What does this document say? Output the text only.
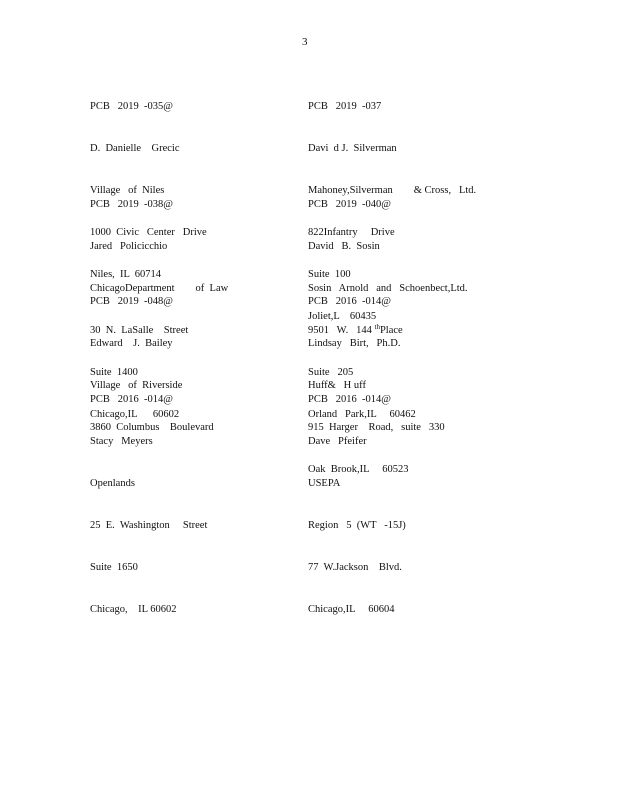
3

PCB   2019  -035@

D.  Danielle    Grecic

Village   of  Niles

1000  Civic   Center   Drive

Niles,  IL  60714

PCB   2019  -037

Davi  d J.  Silverman

Mahoney,Silverman        & Cross,   Ltd.

822Infantry     Drive

Suite  100

Joliet,L    60435

PCB   2019  -038@

Jared   Policicchio

ChicagoDepartment        of  Law

30  N.  LaSalle    Street

Suite  1400

Chicago,IL      60602

PCB   2019  -040@

David   B.  Sosin

Sosin   Arnold   and   Schoenbect,Ltd.

9501   W.   144 $^{th}$Place

Suite   205

Orland   Park,IL     60462

PCB   2019  -048@

Edward    J.  Bailey

Village   of  Riverside

3860  Columbus    Boulevard

PCB   2016  -014@

Lindsay   Birt,   Ph.D.

Huff&   H uff

915  Harger    Road,   suite   330

Oak  Brook,IL     60523

PCB   2016  -014@

Stacy   Meyers

Openlands

25  E.  Washington     Street

Suite  1650

Chicago,    IL 60602

PCB   2016  -014@

Dave   Pfeifer

USEPA

Region   5  (WT   -15J)

77  W.Jackson    Blvd.

Chicago,IL     60604
